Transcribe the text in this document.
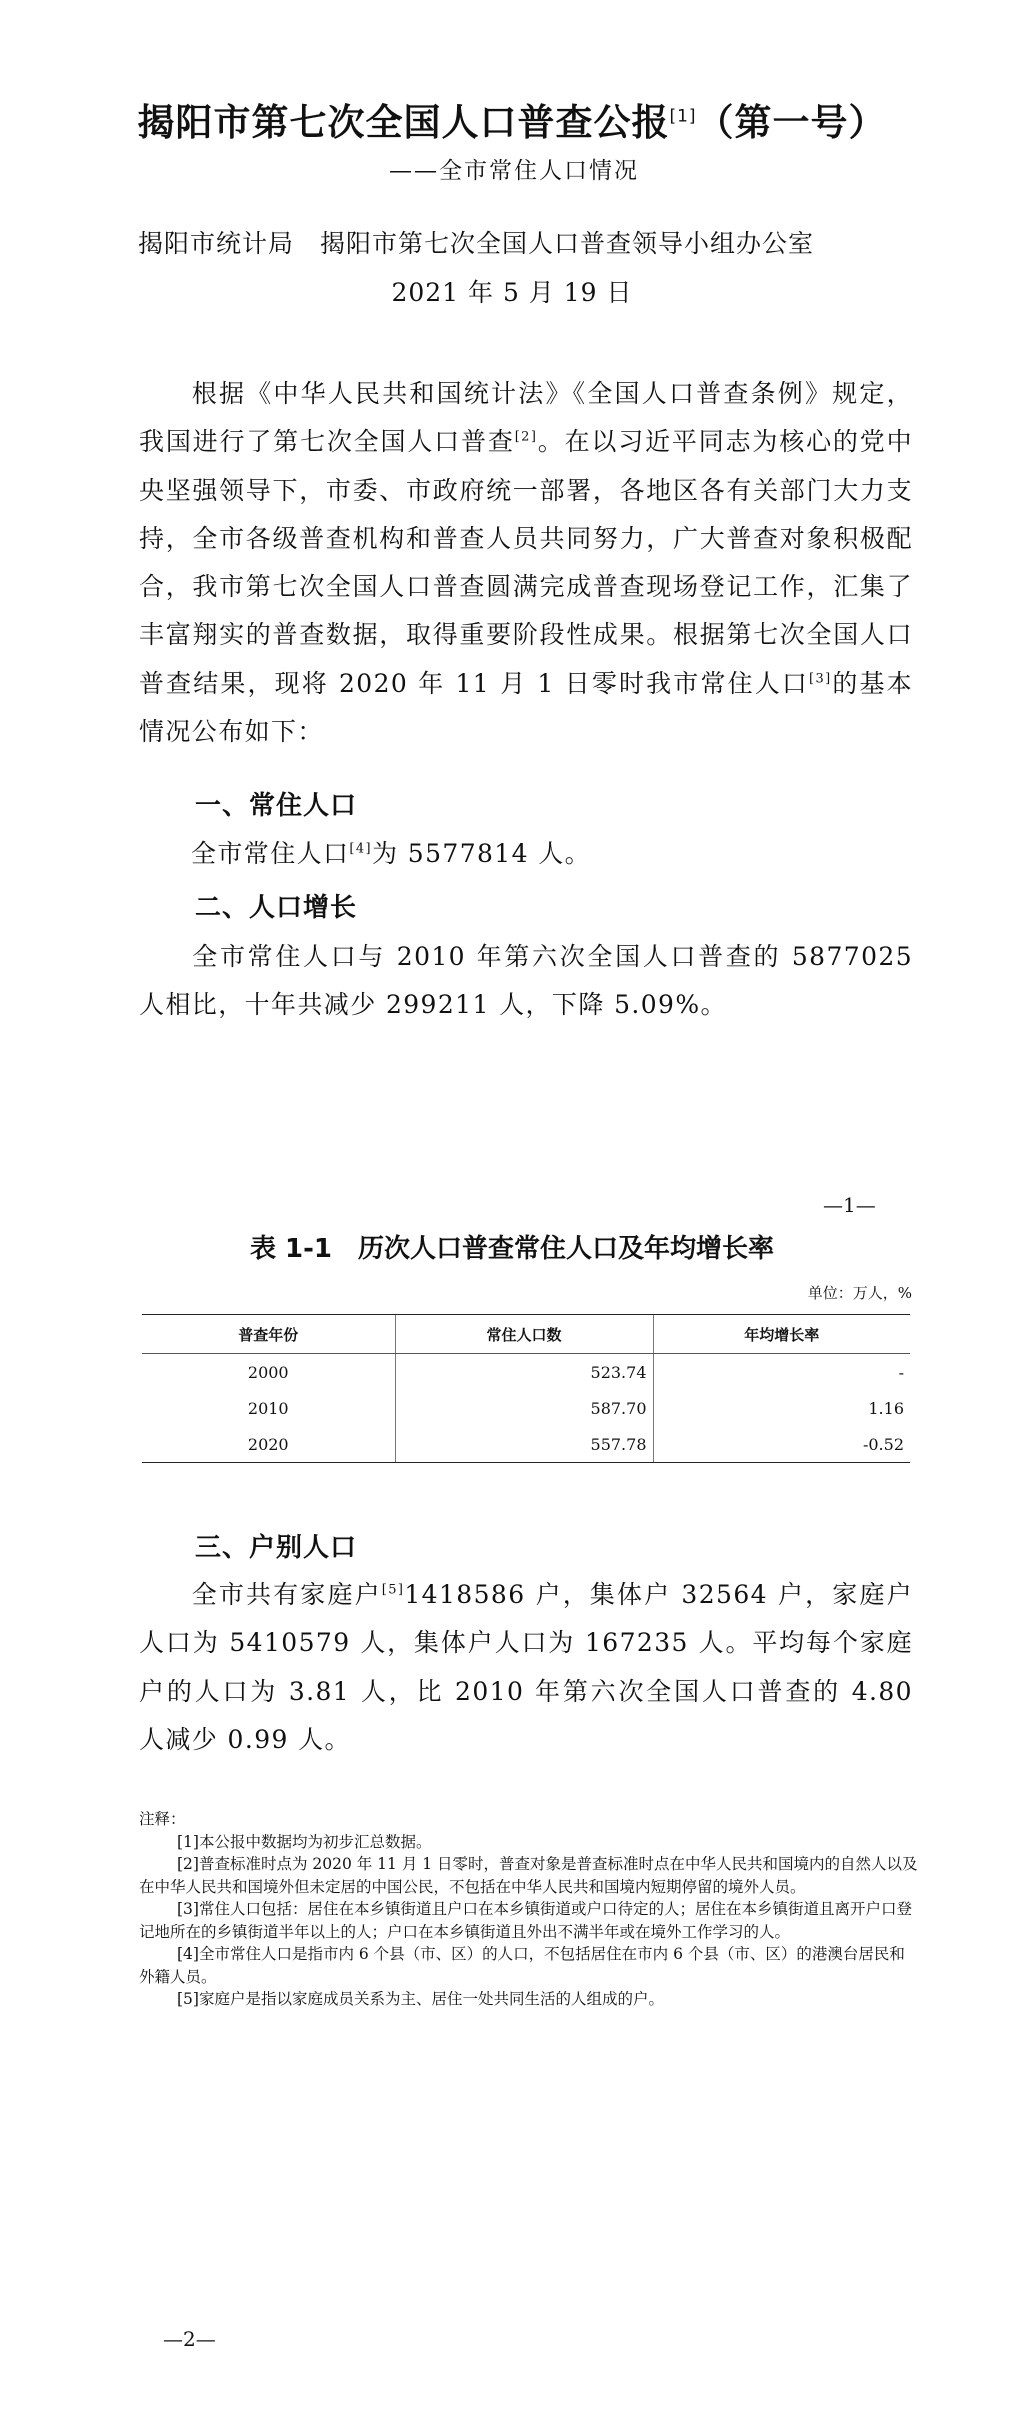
揭阳市第七次全国人口普查公报[1]（第一号）
——全市常住人口情况
揭阳市统计局　揭阳市第七次全国人口普查领导小组办公室
2021 年 5 月 19 日

根据《中华人民共和国统计法》《全国人口普查条例》规定，我国进行了第七次全国人口普查[2]。在以习近平同志为核心的党中央坚强领导下，市委、市政府统一部署，各地区各有关部门大力支持，全市各级普查机构和普查人员共同努力，广大普查对象积极配合，我市第七次全国人口普查圆满完成普查现场登记工作，汇集了丰富翔实的普查数据，取得重要阶段性成果。根据第七次全国人口普查结果，现将 2020 年 11 月 1 日零时我市常住人口[3]的基本情况公布如下：

一、常住人口

全市常住人口[4]为 5577814 人。

二、人口增长

全市常住人口与 2010 年第六次全国人口普查的 5877025 人相比，十年共减少 299211 人，下降 5.09%。

—1—
表 1-1　历次人口普查常住人口及年均增长率
单位：万人，%
普查年份	常住人口数	年均增长率
2000	523.74	-
2010	587.70	1.16
2020	557.78	-0.52
三、户别人口

全市共有家庭户[5]1418586 户，集体户 32564 户，家庭户人口为 5410579 人，集体户人口为 167235 人。平均每个家庭户的人口为 3.81 人，比 2010 年第六次全国人口普查的 4.80 人减少 0.99 人。

注释：
[1]本公报中数据均为初步汇总数据。
[2]普查标准时点为 2020 年 11 月 1 日零时，普查对象是普查标准时点在中华人民共和国境内的自然人以及在中华人民共和国境外但未定居的中国公民，不包括在中华人民共和国境内短期停留的境外人员。
[3]常住人口包括：居住在本乡镇街道且户口在本乡镇街道或户口待定的人；居住在本乡镇街道且离开户口登记地所在的乡镇街道半年以上的人；户口在本乡镇街道且外出不满半年或在境外工作学习的人。
[4]全市常住人口是指市内 6 个县（市、区）的人口，不包括居住在市内 6 个县（市、区）的港澳台居民和外籍人员。
[5]家庭户是指以家庭成员关系为主、居住一处共同生活的人组成的户。
—2—
